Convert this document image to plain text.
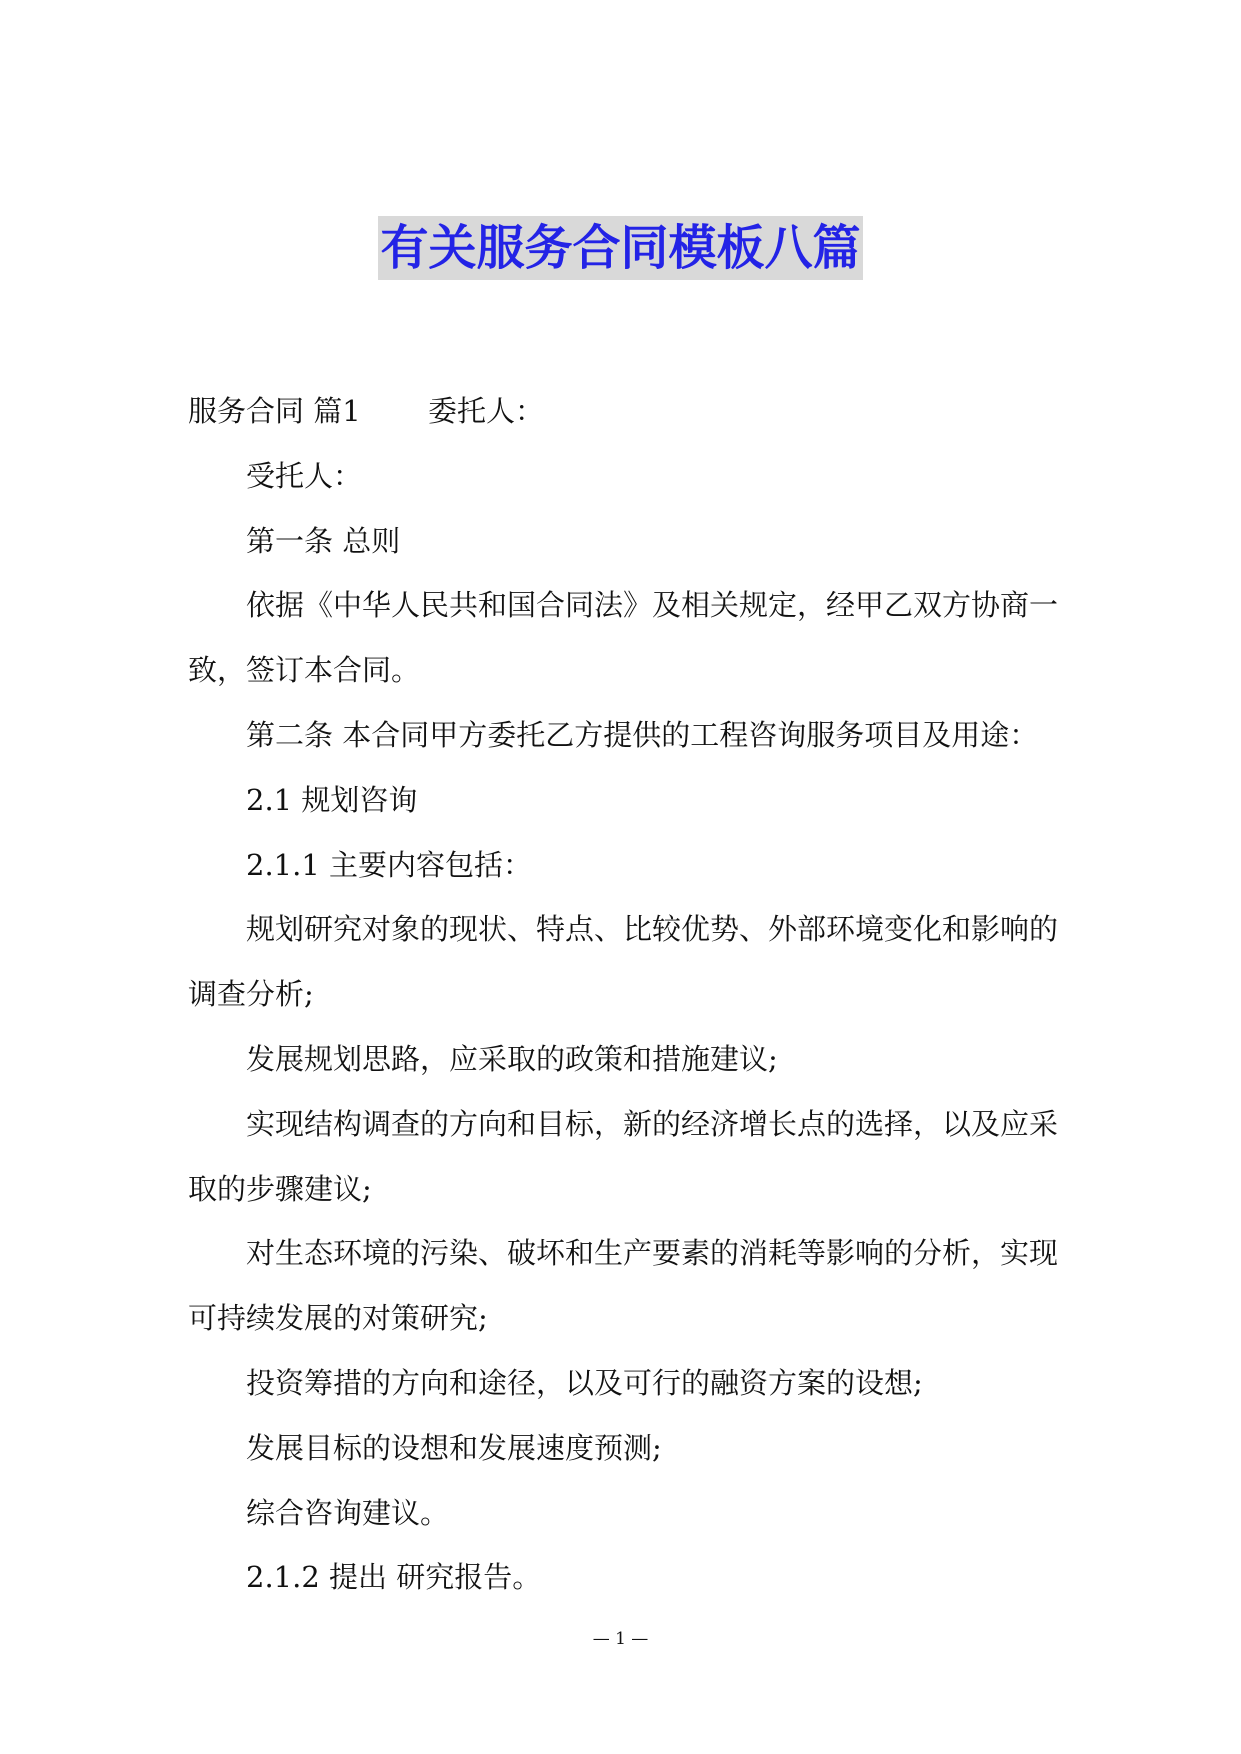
有关服务合同模板八篇
服务合同 篇1 委托人：
受托人：
第一条 总则
依据《中华人民共和国合同法》及相关规定，经甲乙双方协商一
致，签订本合同。
第二条 本合同甲方委托乙方提供的工程咨询服务项目及用途：
2.1 规划咨询
2.1.1 主要内容包括：
规划研究对象的现状、特点、比较优势、外部环境变化和影响的
调查分析;
发展规划思路，应采取的政策和措施建议;
实现结构调查的方向和目标，新的经济增长点的选择，以及应采
取的步骤建议;
对生态环境的污染、破坏和生产要素的消耗等影响的分析，实现
可持续发展的对策研究;
投资筹措的方向和途径，以及可行的融资方案的设想;
发展目标的设想和发展速度预测;
综合咨询建议。
2.1.2 提出 研究报告。
— 1 —
